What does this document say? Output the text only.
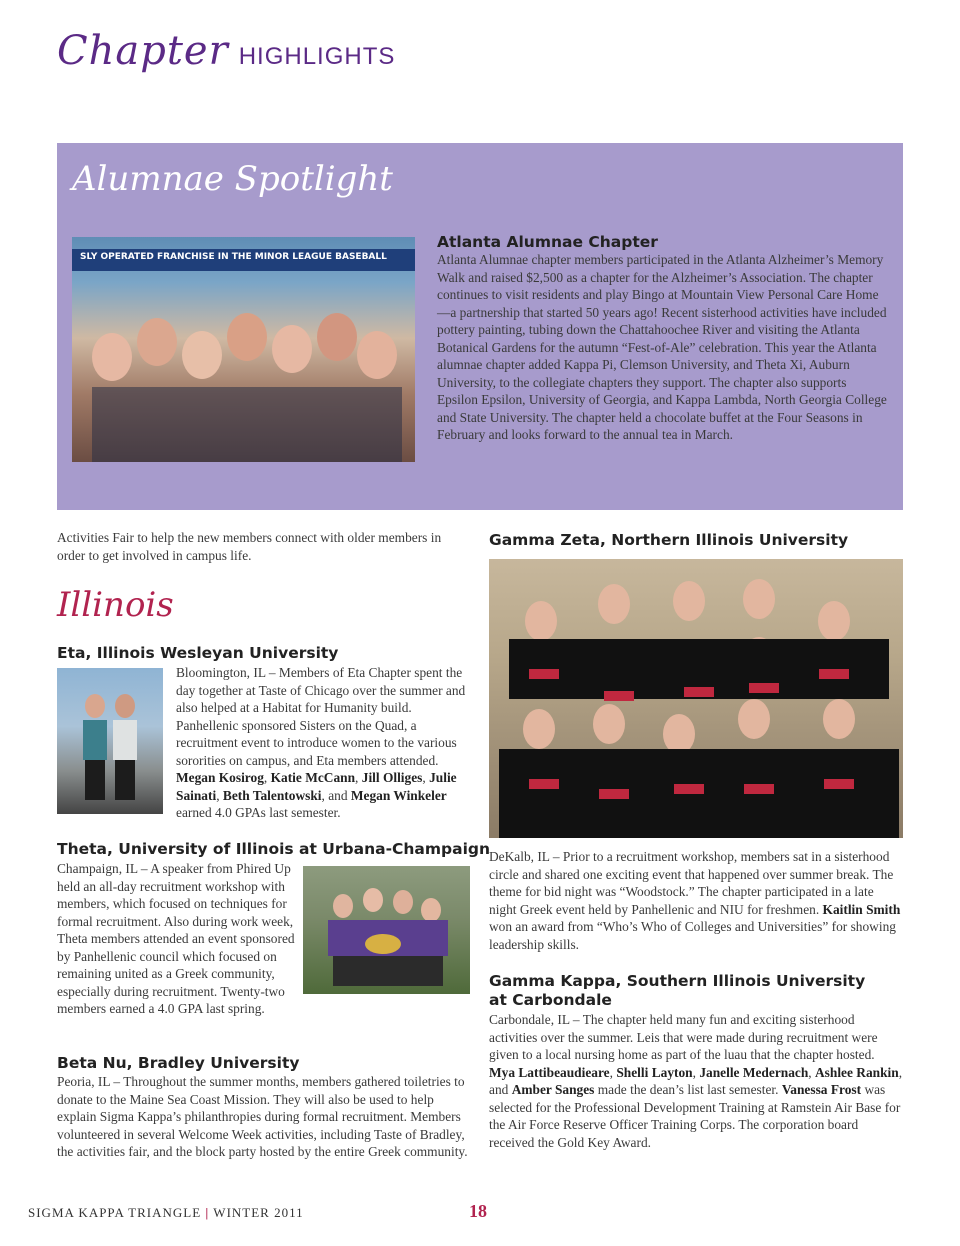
Chapter HIGHLIGHTS
Alumnae Spotlight
SLY OPERATED FRANCHISE IN THE MINOR LEAGUE BASEBALL
Atlanta Alumnae Chapter
Atlanta Alumnae chapter members participated in the Atlanta Alzheimer’s Memory Walk and raised $2,500 as a chapter for the Alzheimer’s Association. The chapter continues to visit residents and play Bingo at Mountain View Personal Care Home—a partnership that started 50 years ago! Recent sisterhood activities have included pottery painting, tubing down the Chattahoochee River and visiting the Atlanta Botanical Gardens for the autumn “Fest-of-Ale” celebration. This year the Atlanta alumnae chapter added Kappa Pi, Clemson University, and Theta Xi, Auburn University, to the collegiate chapters they support. The chapter also supports Epsilon Epsilon, University of Georgia, and Kappa Lambda, North Georgia College and State University. The chapter held a chocolate buffet at the Four Seasons in February and looks forward to the annual tea in March.
Activities Fair to help the new members connect with older members in order to get involved in campus life.
Illinois
Eta, Illinois Wesleyan University
Bloomington, IL – Members of Eta Chapter spent the day together at Taste of Chicago over the summer and also helped at a Habitat for Humanity build. Panhellenic sponsored Sisters on the Quad, a recruitment event to introduce women to the various sororities on campus, and Eta members attended. Megan Kosirog, Katie McCann, Jill Olliges, Julie Sainati, Beth Talentowski, and Megan Winkeler earned 4.0 GPAs last semester.
Theta, University of Illinois at Urbana-Champaign
Champaign, IL – A speaker from Phired Up held an all-day recruitment workshop with members, which focused on techniques for formal recruitment. Also during work week, Theta members attended an event sponsored by Panhellenic council which focused on remaining united as a Greek community, especially during recruitment. Twenty-two members earned a 4.0 GPA last spring.
Beta Nu, Bradley University
Peoria, IL – Throughout the summer months, members gathered toiletries to donate to the Maine Sea Coast Mission. They will also be used to help explain Sigma Kappa’s philanthropies during formal recruitment. Members volunteered in several Welcome Week activities, including Taste of Bradley, the activities fair, and the block party hosted by the entire Greek community.
Gamma Zeta, Northern Illinois University
DeKalb, IL – Prior to a recruitment workshop, members sat in a sisterhood circle and shared one exciting event that happened over summer break. The theme for bid night was “Woodstock.” The chapter participated in a late night Greek event held by Panhellenic and NIU for freshmen. Kaitlin Smith won an award from “Who’s Who of Colleges and Universities” for showing leadership skills.
Gamma Kappa, Southern Illinois University at Carbondale
Carbondale, IL – The chapter held many fun and exciting sisterhood activities over the summer. Leis that were made during recruitment were given to a local nursing home as part of the luau that the chapter hosted. Mya Lattibeaudieare, Shelli Layton, Janelle Medernach, Ashlee Rankin, and Amber Sanges made the dean’s list last semester. Vanessa Frost was selected for the Professional Development Training at Ramstein Air Base for the Air Force Reserve Officer Training Corps. The corporation board received the Gold Key Award.
SIGMA KAPPA TRIANGLE | WINTER 2011	18
